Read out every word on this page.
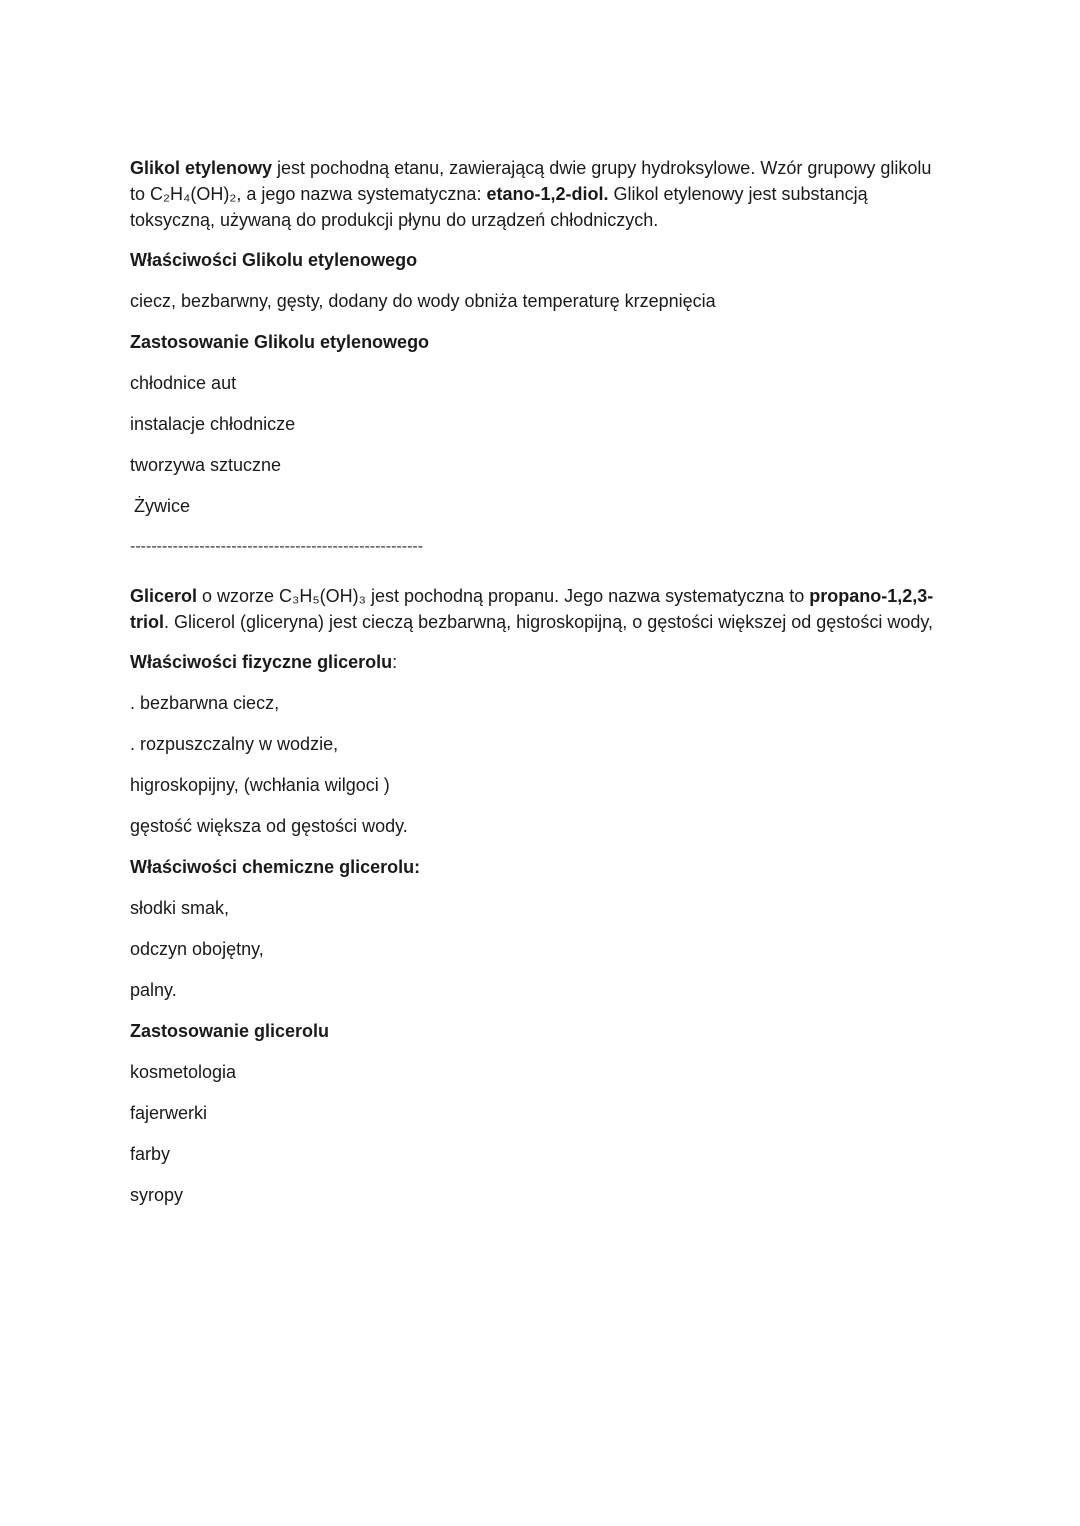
Glikol etylenowy jest pochodną etanu, zawierającą dwie grupy hydroksylowe. Wzór grupowy glikolu to C₂H₄(OH)₂, a jego nazwa systematyczna: etano-1,2-diol. Glikol etylenowy jest substancją toksyczną, używaną do produkcji płynu do urządzeń chłodniczych.

Właściwości Glikolu etylenowego
ciecz, bezbarwny, gęsty, dodany do wody obniża temperaturę krzepnięcia
Zastosowanie Glikolu etylenowego
chłodnice aut
instalacje chłodnicze
tworzywa sztuczne
Żywice
-------------------------------------------------------

Glicerol o wzorze C₃H₅(OH)₃ jest pochodną propanu. Jego nazwa systematyczna to propano-1,2,3-triol. Glicerol (gliceryna) jest cieczą bezbarwną, higroskopijną, o gęstości większej od gęstości wody,

Właściwości fizyczne glicerolu:
. bezbarwna ciecz,
. rozpuszczalny w wodzie,
higroskopijny, (wchłania wilgoci )
gęstość większa od gęstości wody.
Właściwości chemiczne glicerolu:
słodki smak,
odczyn obojętny,
palny.
Zastosowanie glicerolu
kosmetologia
fajerwerki
farby
syropy
